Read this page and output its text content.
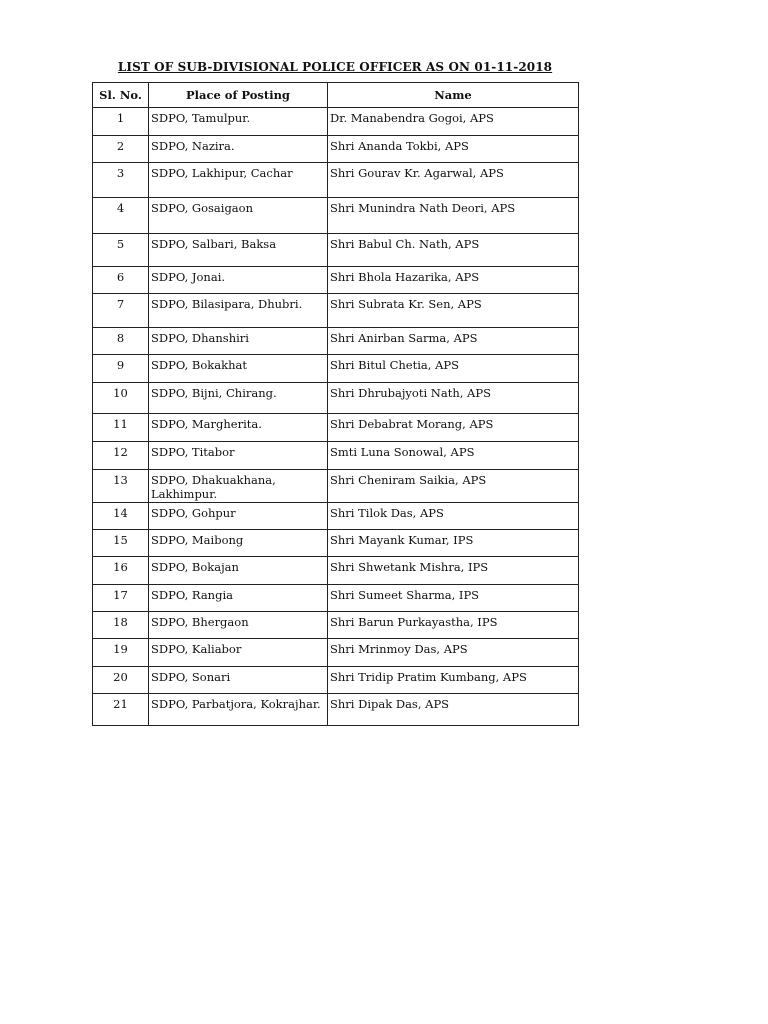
LIST OF SUB-DIVISIONAL POLICE OFFICER AS ON 01-11-2018
Sl. No.	Place of Posting	Name
1	SDPO, Tamulpur.	Dr. Manabendra Gogoi, APS
2	SDPO, Nazira.	Shri Ananda Tokbi, APS
3	SDPO, Lakhipur, Cachar	Shri Gourav Kr. Agarwal, APS
4	SDPO, Gosaigaon	Shri Munindra Nath Deori, APS
5	SDPO, Salbari, Baksa	Shri Babul Ch. Nath, APS
6	SDPO, Jonai.	Shri Bhola Hazarika, APS
7	SDPO, Bilasipara, Dhubri.	Shri Subrata Kr. Sen, APS
8	SDPO, Dhanshiri	Shri Anirban Sarma, APS
9	SDPO, Bokakhat	Shri Bitul Chetia, APS
10	SDPO, Bijni, Chirang.	Shri Dhrubajyoti Nath, APS
11	SDPO, Margherita.	Shri Debabrat Morang, APS
12	SDPO, Titabor	Smti Luna Sonowal, APS
13	SDPO, Dhakuakhana, Lakhimpur.	Shri Cheniram Saikia, APS
14	SDPO, Gohpur	Shri Tilok Das, APS
15	SDPO, Maibong	Shri Mayank Kumar, IPS
16	SDPO, Bokajan	Shri Shwetank Mishra, IPS
17	SDPO, Rangia	Shri Sumeet Sharma, IPS
18	SDPO, Bhergaon	Shri Barun Purkayastha, IPS
19	SDPO, Kaliabor	Shri Mrinmoy Das, APS
20	SDPO, Sonari	Shri Tridip Pratim Kumbang, APS
21	SDPO, Parbatjora, Kokrajhar.	Shri Dipak Das, APS
